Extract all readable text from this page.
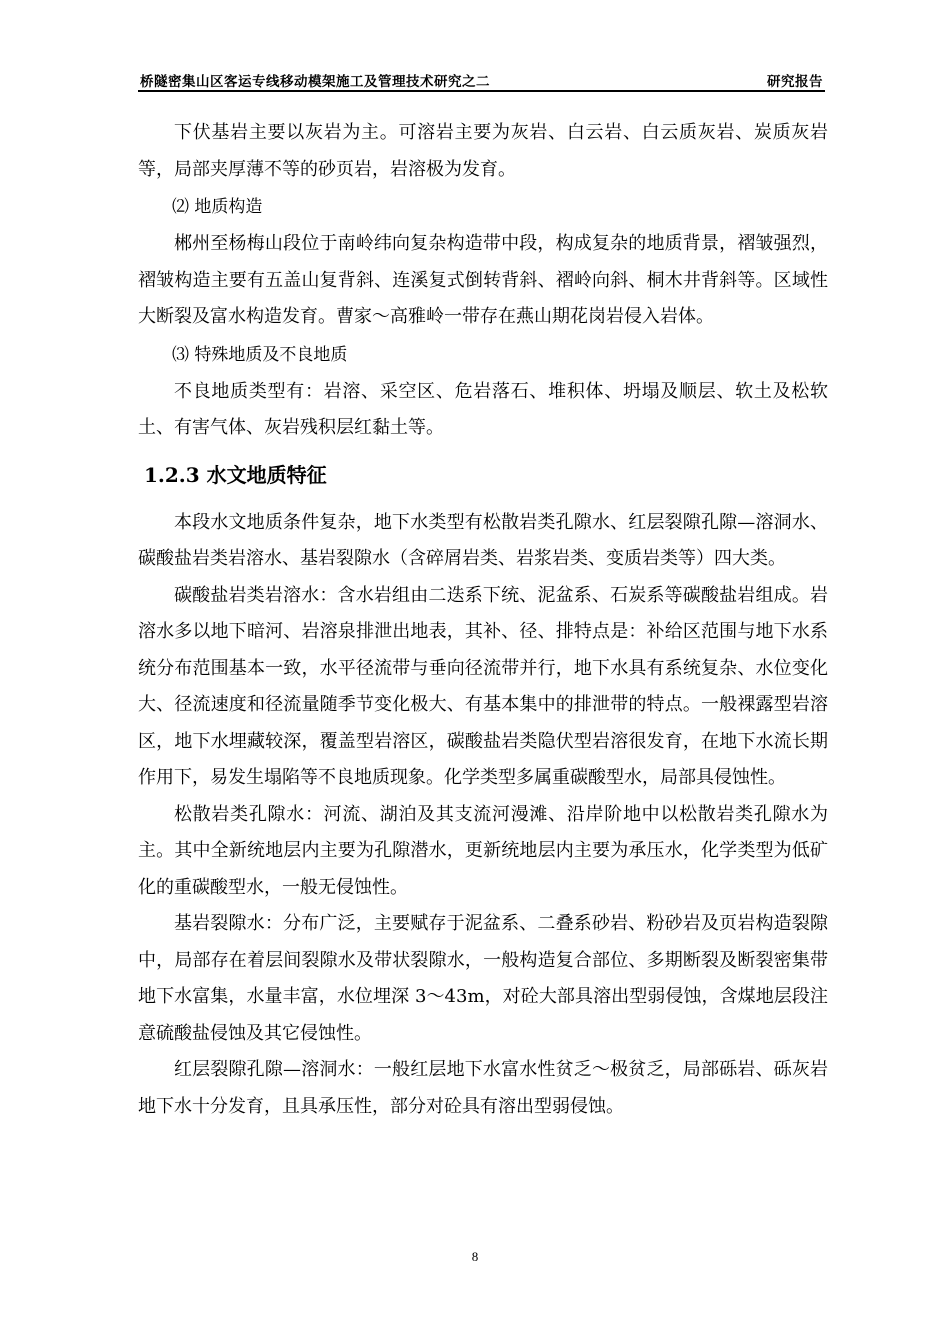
桥隧密集山区客运专线移动模架施工及管理技术研究之二	研究报告

下伏基岩主要以灰岩为主。可溶岩主要为灰岩、白云岩、白云质灰岩、炭质灰岩等，局部夹厚薄不等的砂页岩，岩溶极为发育。

⑵ 地质构造

郴州至杨梅山段位于南岭纬向复杂构造带中段，构成复杂的地质背景，褶皱强烈，褶皱构造主要有五盖山复背斜、连溪复式倒转背斜、褶岭向斜、桐木井背斜等。区域性大断裂及富水构造发育。曹家～高雅岭一带存在燕山期花岗岩侵入岩体。

⑶ 特殊地质及不良地质

不良地质类型有：岩溶、采空区、危岩落石、堆积体、坍塌及顺层、软土及松软土、有害气体、灰岩残积层红黏土等。

1.2.3 水文地质特征

本段水文地质条件复杂，地下水类型有松散岩类孔隙水、红层裂隙孔隙—溶洞水、碳酸盐岩类岩溶水、基岩裂隙水（含碎屑岩类、岩浆岩类、变质岩类等）四大类。

碳酸盐岩类岩溶水：含水岩组由二迭系下统、泥盆系、石炭系等碳酸盐岩组成。岩溶水多以地下暗河、岩溶泉排泄出地表，其补、径、排特点是：补给区范围与地下水系统分布范围基本一致，水平径流带与垂向径流带并行，地下水具有系统复杂、水位变化大、径流速度和径流量随季节变化极大、有基本集中的排泄带的特点。一般裸露型岩溶区，地下水埋藏较深，覆盖型岩溶区，碳酸盐岩类隐伏型岩溶很发育，在地下水流长期作用下，易发生塌陷等不良地质现象。化学类型多属重碳酸型水，局部具侵蚀性。

松散岩类孔隙水：河流、湖泊及其支流河漫滩、沿岸阶地中以松散岩类孔隙水为主。其中全新统地层内主要为孔隙潜水，更新统地层内主要为承压水，化学类型为低矿化的重碳酸型水，一般无侵蚀性。

基岩裂隙水：分布广泛，主要赋存于泥盆系、二叠系砂岩、粉砂岩及页岩构造裂隙中，局部存在着层间裂隙水及带状裂隙水，一般构造复合部位、多期断裂及断裂密集带地下水富集，水量丰富，水位埋深 3～43m，对砼大部具溶出型弱侵蚀，含煤地层段注意硫酸盐侵蚀及其它侵蚀性。

红层裂隙孔隙—溶洞水：一般红层地下水富水性贫乏～极贫乏，局部砾岩、砾灰岩地下水十分发育，且具承压性，部分对砼具有溶出型弱侵蚀。

8
